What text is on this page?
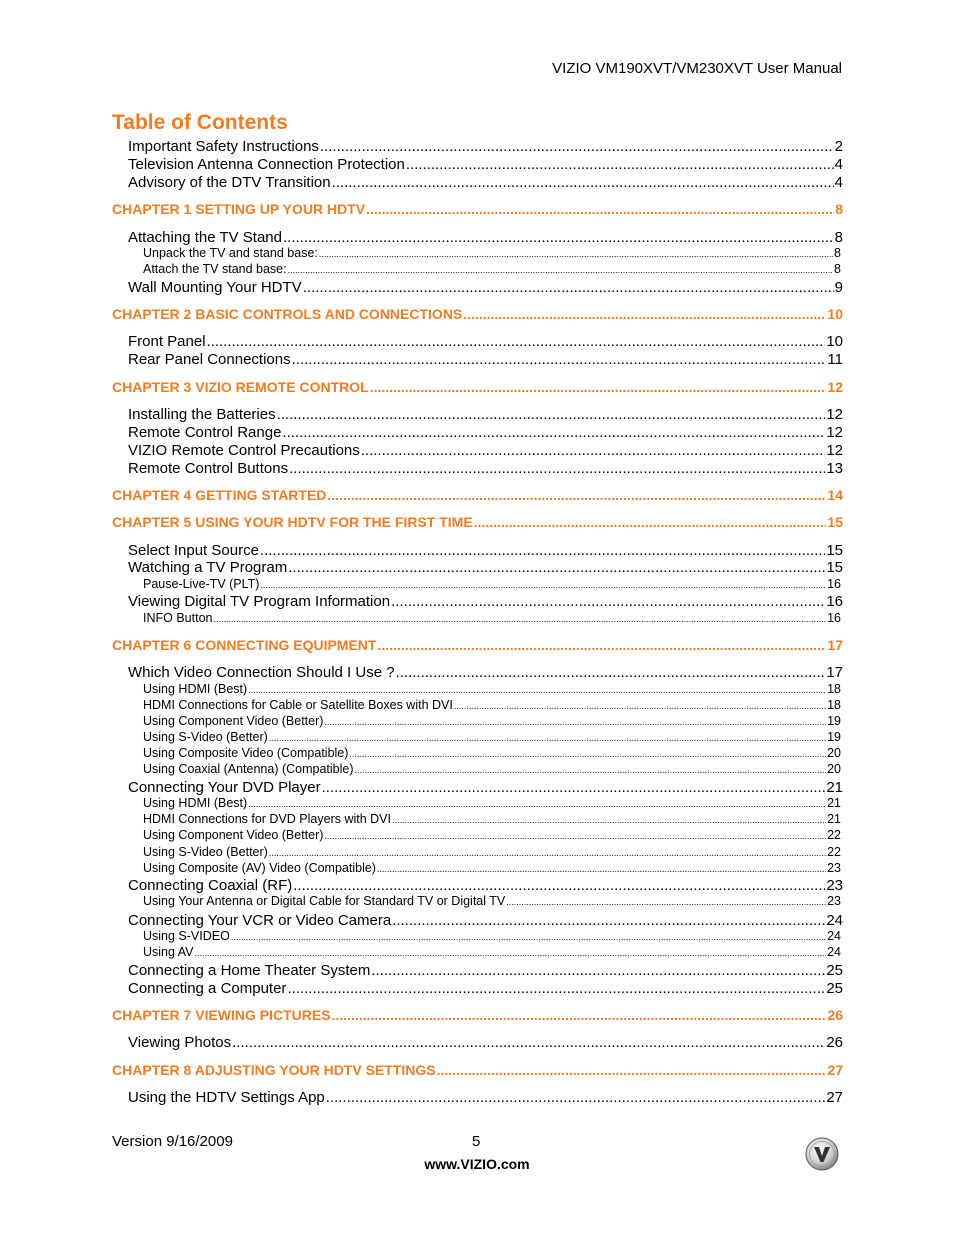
VIZIO VM190XVT/VM230XVT User Manual
Table of Contents
Important Safety Instructions .....	2
Television Antenna Connection Protection .....	4
Advisory of the DTV Transition .....	4
CHAPTER 1 SETTING UP YOUR HDTV .....	8
Attaching the TV Stand .....	8
Unpack the TV and stand base: .....	8
Attach the TV stand base: .....	8
Wall Mounting Your HDTV .....	9
CHAPTER 2 BASIC CONTROLS AND CONNECTIONS .....	10
Front Panel .....	10
Rear Panel Connections .....	11
CHAPTER 3 VIZIO REMOTE CONTROL .....	12
Installing the Batteries .....	12
Remote Control Range .....	12
VIZIO Remote Control Precautions .....	12
Remote Control Buttons .....	13
CHAPTER 4 GETTING STARTED .....	14
CHAPTER 5 USING YOUR HDTV FOR THE FIRST TIME .....	15
Select Input Source .....	15
Watching a TV Program .....	15
Pause-Live-TV (PLT) .....	16
Viewing Digital TV Program Information .....	16
INFO Button .....	16
CHAPTER 6 CONNECTING EQUIPMENT .....	17
Which Video Connection Should I Use ? .....	17
Using HDMI (Best) .....	18
HDMI Connections for Cable or Satellite Boxes with DVI .....	18
Using Component Video (Better) .....	19
Using S-Video (Better) .....	19
Using Composite Video (Compatible) .....	20
Using Coaxial (Antenna) (Compatible) .....	20
Connecting Your DVD Player .....	21
Using HDMI (Best) .....	21
HDMI Connections for DVD Players with DVI .....	21
Using Component Video (Better) .....	22
Using S-Video (Better) .....	22
Using Composite (AV) Video (Compatible) .....	23
Connecting Coaxial (RF) .....	23
Using Your Antenna or Digital Cable for Standard TV or Digital TV .....	23
Connecting Your VCR or Video Camera .....	24
Using S-VIDEO .....	24
Using AV .....	24
Connecting a Home Theater System .....	25
Connecting a Computer .....	25
CHAPTER 7 VIEWING PICTURES .....	26
Viewing Photos .....	26
CHAPTER 8 ADJUSTING YOUR HDTV SETTINGS .....	27
Using the HDTV Settings App .....	27
Version 9/16/2009	5
www.VIZIO.com
